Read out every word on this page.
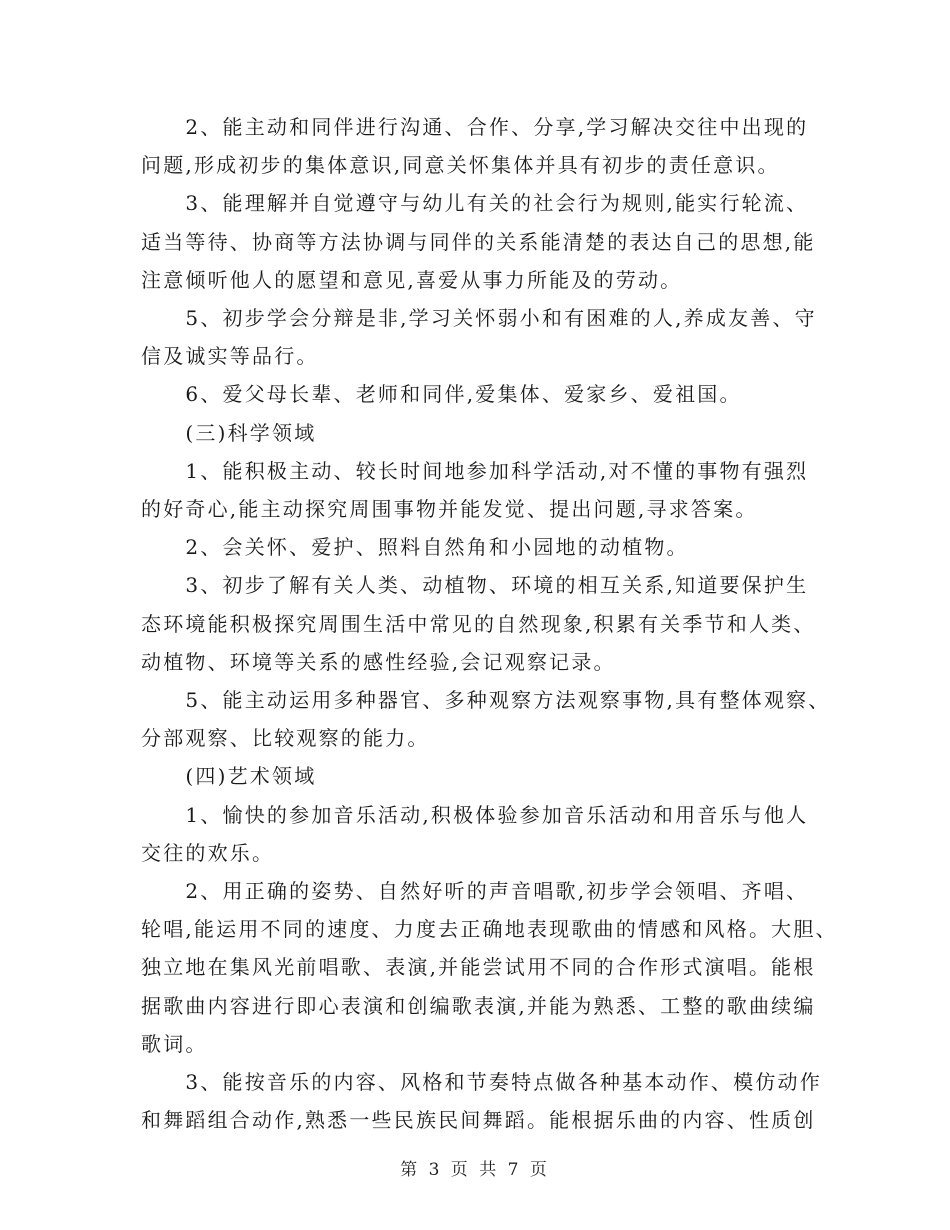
　　2、能主动和同伴进行沟通、合作、分享,学习解决交往中出现的
问题,形成初步的集体意识,同意关怀集体并具有初步的责任意识。
　　3、能理解并自觉遵守与幼儿有关的社会行为规则,能实行轮流、
适当等待、协商等方法协调与同伴的关系能清楚的表达自己的思想,能
注意倾听他人的愿望和意见,喜爱从事力所能及的劳动。
　　5、初步学会分辩是非,学习关怀弱小和有困难的人,养成友善、守
信及诚实等品行。
　　6、爱父母长辈、老师和同伴,爱集体、爱家乡、爱祖国。
　　(三)科学领域
　　1、能积极主动、较长时间地参加科学活动,对不懂的事物有强烈
的好奇心,能主动探究周围事物并能发觉、提出问题,寻求答案。
　　2、会关怀、爱护、照料自然角和小园地的动植物。
　　3、初步了解有关人类、动植物、环境的相互关系,知道要保护生
态环境能积极探究周围生活中常见的自然现象,积累有关季节和人类、
动植物、环境等关系的感性经验,会记观察记录。
　　5、能主动运用多种器官、多种观察方法观察事物,具有整体观察、
分部观察、比较观察的能力。
　　(四)艺术领域
　　1、愉快的参加音乐活动,积极体验参加音乐活动和用音乐与他人
交往的欢乐。
　　2、用正确的姿势、自然好听的声音唱歌,初步学会领唱、齐唱、
轮唱,能运用不同的速度、力度去正确地表现歌曲的情感和风格。大胆、
独立地在集风光前唱歌、表演,并能尝试用不同的合作形式演唱。能根
据歌曲内容进行即心表演和创编歌表演,并能为熟悉、工整的歌曲续编
歌词。
　　3、能按音乐的内容、风格和节奏特点做各种基本动作、模仿动作
和舞蹈组合动作,熟悉一些民族民间舞蹈。能根据乐曲的内容、性质创
第 3 页 共 7 页
